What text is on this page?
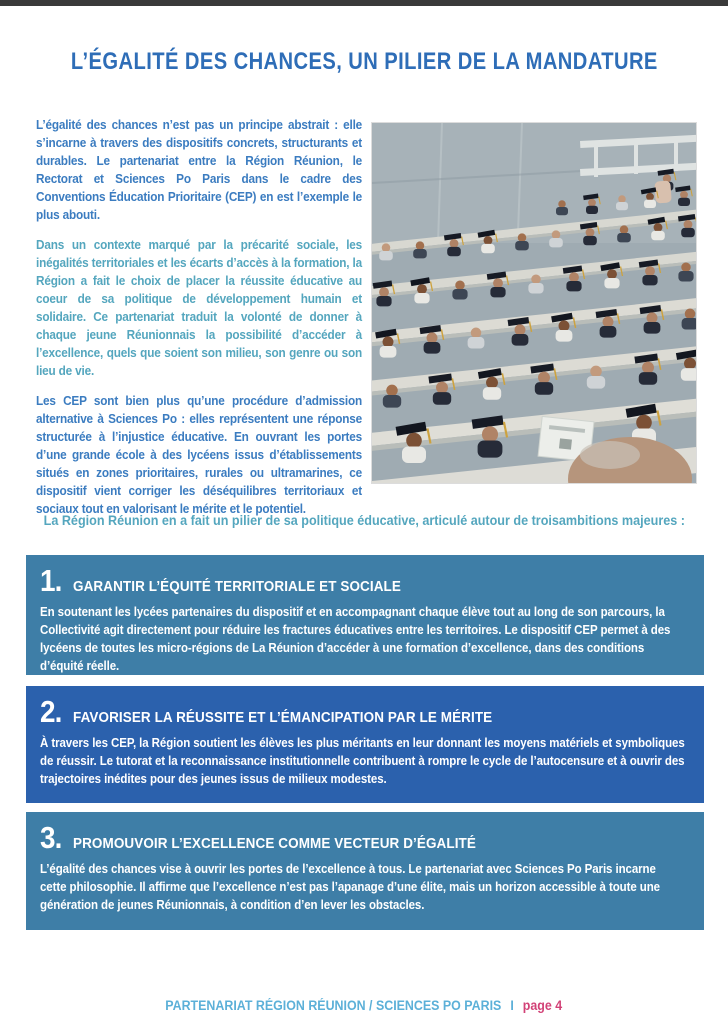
L’ÉGALITÉ DES CHANCES, UN PILIER DE LA MANDATURE

L’égalité des chances n’est pas un principe abstrait : elle s’incarne à travers des dispositifs concrets, structurants et durables. Le partenariat entre la Région Réunion, le Rectorat et Sciences Po Paris dans le cadre des Conventions Éducation Prioritaire (CEP) en est l’exemple le plus abouti.

Dans un contexte marqué par la précarité sociale, les inégalités territoriales et les écarts d’accès à la formation, la Région a fait le choix de placer la réussite éducative au coeur de sa politique de développement humain et solidaire. Ce partenariat traduit la volonté de donner à chaque jeune Réunionnais la possibilité d’accéder à l’excellence, quels que soient son milieu, son genre ou son lieu de vie.

Les CEP sont bien plus qu’une procédure d’admission alternative à Sciences Po : elles représentent une réponse structurée à l’injustice éducative. En ouvrant les portes d’une grande école à des lycéens issus d’établissements situés en zones prioritaires, rurales ou ultramarines, ce dispositif vient corriger les déséquilibres territoriaux et sociaux tout en valorisant le mérite et le potentiel.

La Région Réunion en a fait un pilier de sa politique éducative, articulé autour de troisambitions majeures :
1. GARANTIR L’ÉQUITÉ TERRITORIALE ET SOCIALE

En soutenant les lycées partenaires du dispositif et en accompagnant chaque élève tout au long de son parcours, la Collectivité agit directement pour réduire les fractures éducatives entre les territoires. Le dispositif CEP permet à des lycéens de toutes les micro-régions de La Réunion d’accéder à une formation d’excellence, dans des conditions d’équité réelle.

2. FAVORISER LA RÉUSSITE ET L’ÉMANCIPATION PAR LE MÉRITE

À travers les CEP, la Région soutient les élèves les plus méritants en leur donnant les moyens matériels et symboliques de réussir. Le tutorat et la reconnaissance institutionnelle contribuent à rompre le cycle de l’autocensure et à ouvrir des trajectoires inédites pour des jeunes issus de milieux modestes.

3. PROMOUVOIR L’EXCELLENCE COMME VECTEUR D’ÉGALITÉ

L’égalité des chances vise à ouvrir les portes de l’excellence à tous. Le partenariat avec Sciences Po Paris incarne cette philosophie. Il affirme que l’excellence n’est pas l’apanage d’une élite, mais un horizon accessible à toute une génération de jeunes Réunionnais, à condition d’en lever les obstacles.

PARTENARIAT RÉGION RÉUNION / SCIENCES PO PARIS I page 4
